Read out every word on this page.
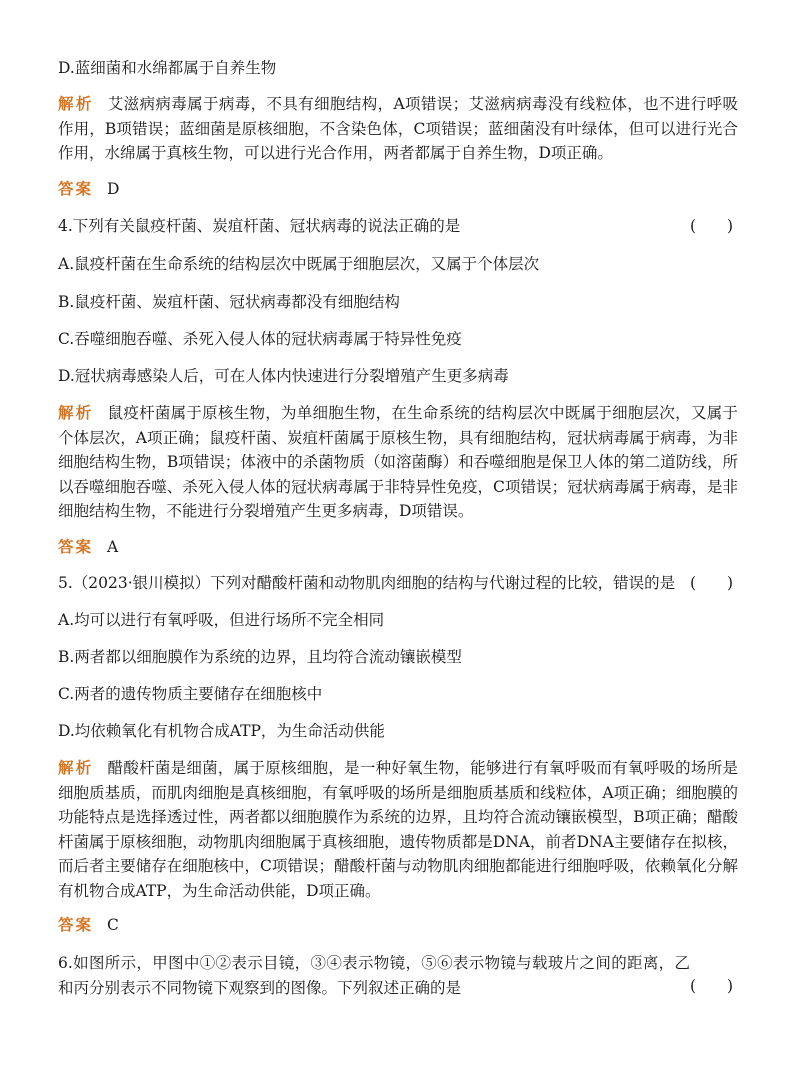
D.蓝细菌和水绵都属于自养生物
解析 艾滋病病毒属于病毒，不具有细胞结构，A项错误；艾滋病病毒没有线粒体，也不进行呼吸作用，B项错误；蓝细菌是原核细胞，不含染色体，C项错误；蓝细菌没有叶绿体，但可以进行光合作用，水绵属于真核生物，可以进行光合作用，两者都属于自养生物，D项正确。
答案 D
4.下列有关鼠疫杆菌、炭疽杆菌、冠状病毒的说法正确的是	(　　)
A.鼠疫杆菌在生命系统的结构层次中既属于细胞层次，又属于个体层次
B.鼠疫杆菌、炭疽杆菌、冠状病毒都没有细胞结构
C.吞噬细胞吞噬、杀死入侵人体的冠状病毒属于特异性免疫
D.冠状病毒感染人后，可在人体内快速进行分裂增殖产生更多病毒
解析 鼠疫杆菌属于原核生物，为单细胞生物，在生命系统的结构层次中既属于细胞层次，又属于个体层次，A项正确；鼠疫杆菌、炭疽杆菌属于原核生物，具有细胞结构，冠状病毒属于病毒，为非细胞结构生物，B项错误；体液中的杀菌物质（如溶菌酶）和吞噬细胞是保卫人体的第二道防线，所以吞噬细胞吞噬、杀死入侵人体的冠状病毒属于非特异性免疫，C项错误；冠状病毒属于病毒，是非细胞结构生物，不能进行分裂增殖产生更多病毒，D项错误。
答案 A
5.（2023·银川模拟）下列对醋酸杆菌和动物肌肉细胞的结构与代谢过程的比较，错误的是 (　　)
A.均可以进行有氧呼吸，但进行场所不完全相同
B.两者都以细胞膜作为系统的边界，且均符合流动镶嵌模型
C.两者的遗传物质主要储存在细胞核中
D.均依赖氧化有机物合成ATP，为生命活动供能
解析 醋酸杆菌是细菌，属于原核细胞，是一种好氧生物，能够进行有氧呼吸而有氧呼吸的场所是细胞质基质，而肌肉细胞是真核细胞，有氧呼吸的场所是细胞质基质和线粒体，A项正确；细胞膜的功能特点是选择透过性，两者都以细胞膜作为系统的边界，且均符合流动镶嵌模型，B项正确；醋酸杆菌属于原核细胞，动物肌肉细胞属于真核细胞，遗传物质都是DNA，前者DNA主要储存在拟核，而后者主要储存在细胞核中，C项错误；醋酸杆菌与动物肌肉细胞都能进行细胞呼吸，依赖氧化分解有机物合成ATP，为生命活动供能，D项正确。
答案 C
6.如图所示，甲图中①②表示目镜，③④表示物镜，⑤⑥表示物镜与载玻片之间的距离，乙和丙分别表示不同物镜下观察到的图像。下列叙述正确的是	(　　)
